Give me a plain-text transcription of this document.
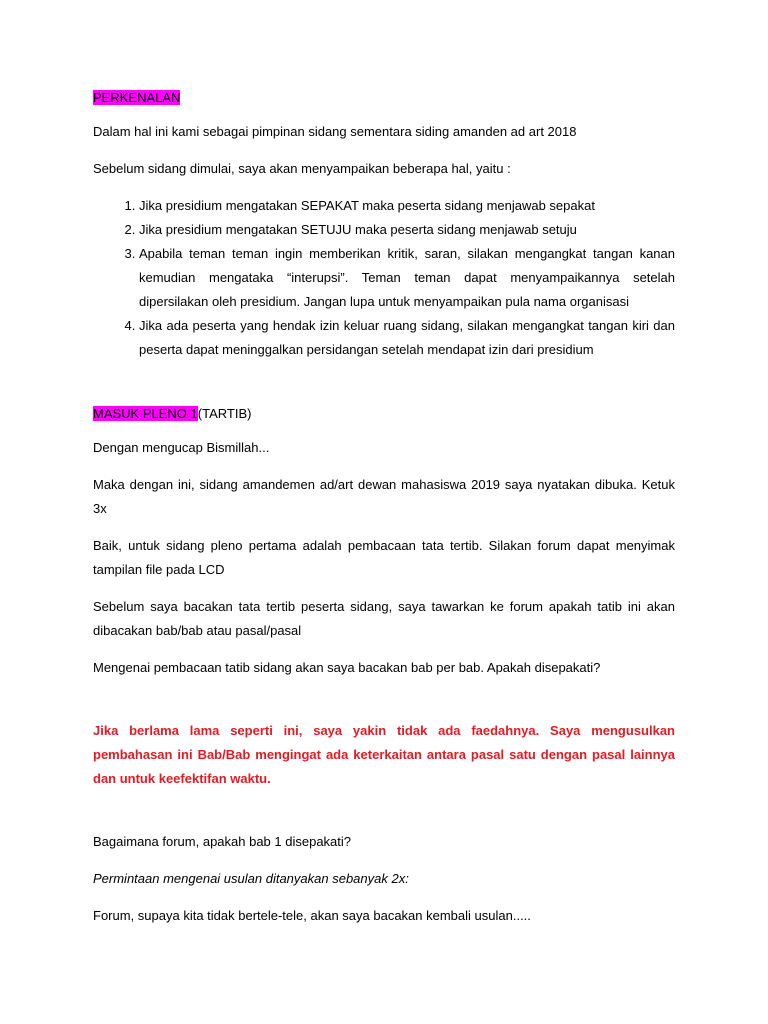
PERKENALAN

Dalam hal ini kami sebagai pimpinan sidang sementara siding amanden ad art 2018

Sebelum sidang dimulai, saya akan menyampaikan beberapa hal, yaitu :

1. Jika presidium mengatakan SEPAKAT maka peserta sidang menjawab sepakat
2. Jika presidium mengatakan SETUJU maka peserta sidang menjawab setuju
3. Apabila teman teman ingin memberikan kritik, saran, silakan mengangkat tangan kanan kemudian mengataka “interupsi”. Teman teman dapat menyampaikannya setelah dipersilakan oleh presidium. Jangan lupa untuk menyampaikan pula nama organisasi
4. Jika ada peserta yang hendak izin keluar ruang sidang, silakan mengangkat tangan kiri dan peserta dapat meninggalkan persidangan setelah mendapat izin dari presidium
MASUK PLENO 1(TARTIB)

Dengan mengucap Bismillah...

Maka dengan ini, sidang amandemen ad/art dewan mahasiswa 2019 saya nyatakan dibuka. Ketuk 3x

Baik, untuk sidang pleno pertama adalah pembacaan tata tertib. Silakan forum dapat menyimak tampilan file pada LCD

Sebelum saya bacakan tata tertib peserta sidang, saya tawarkan ke forum apakah tatib ini akan dibacakan bab/bab atau pasal/pasal

Mengenai pembacaan tatib sidang akan saya bacakan bab per bab. Apakah disepakati?

Jika berlama lama seperti ini, saya yakin tidak ada faedahnya. Saya mengusulkan pembahasan ini Bab/Bab mengingat ada keterkaitan antara pasal satu dengan pasal lainnya dan untuk keefektifan waktu.

Bagaimana forum, apakah bab 1 disepakati?

Permintaan mengenai usulan ditanyakan sebanyak 2x:

Forum, supaya kita tidak bertele-tele, akan saya bacakan kembali usulan.....
